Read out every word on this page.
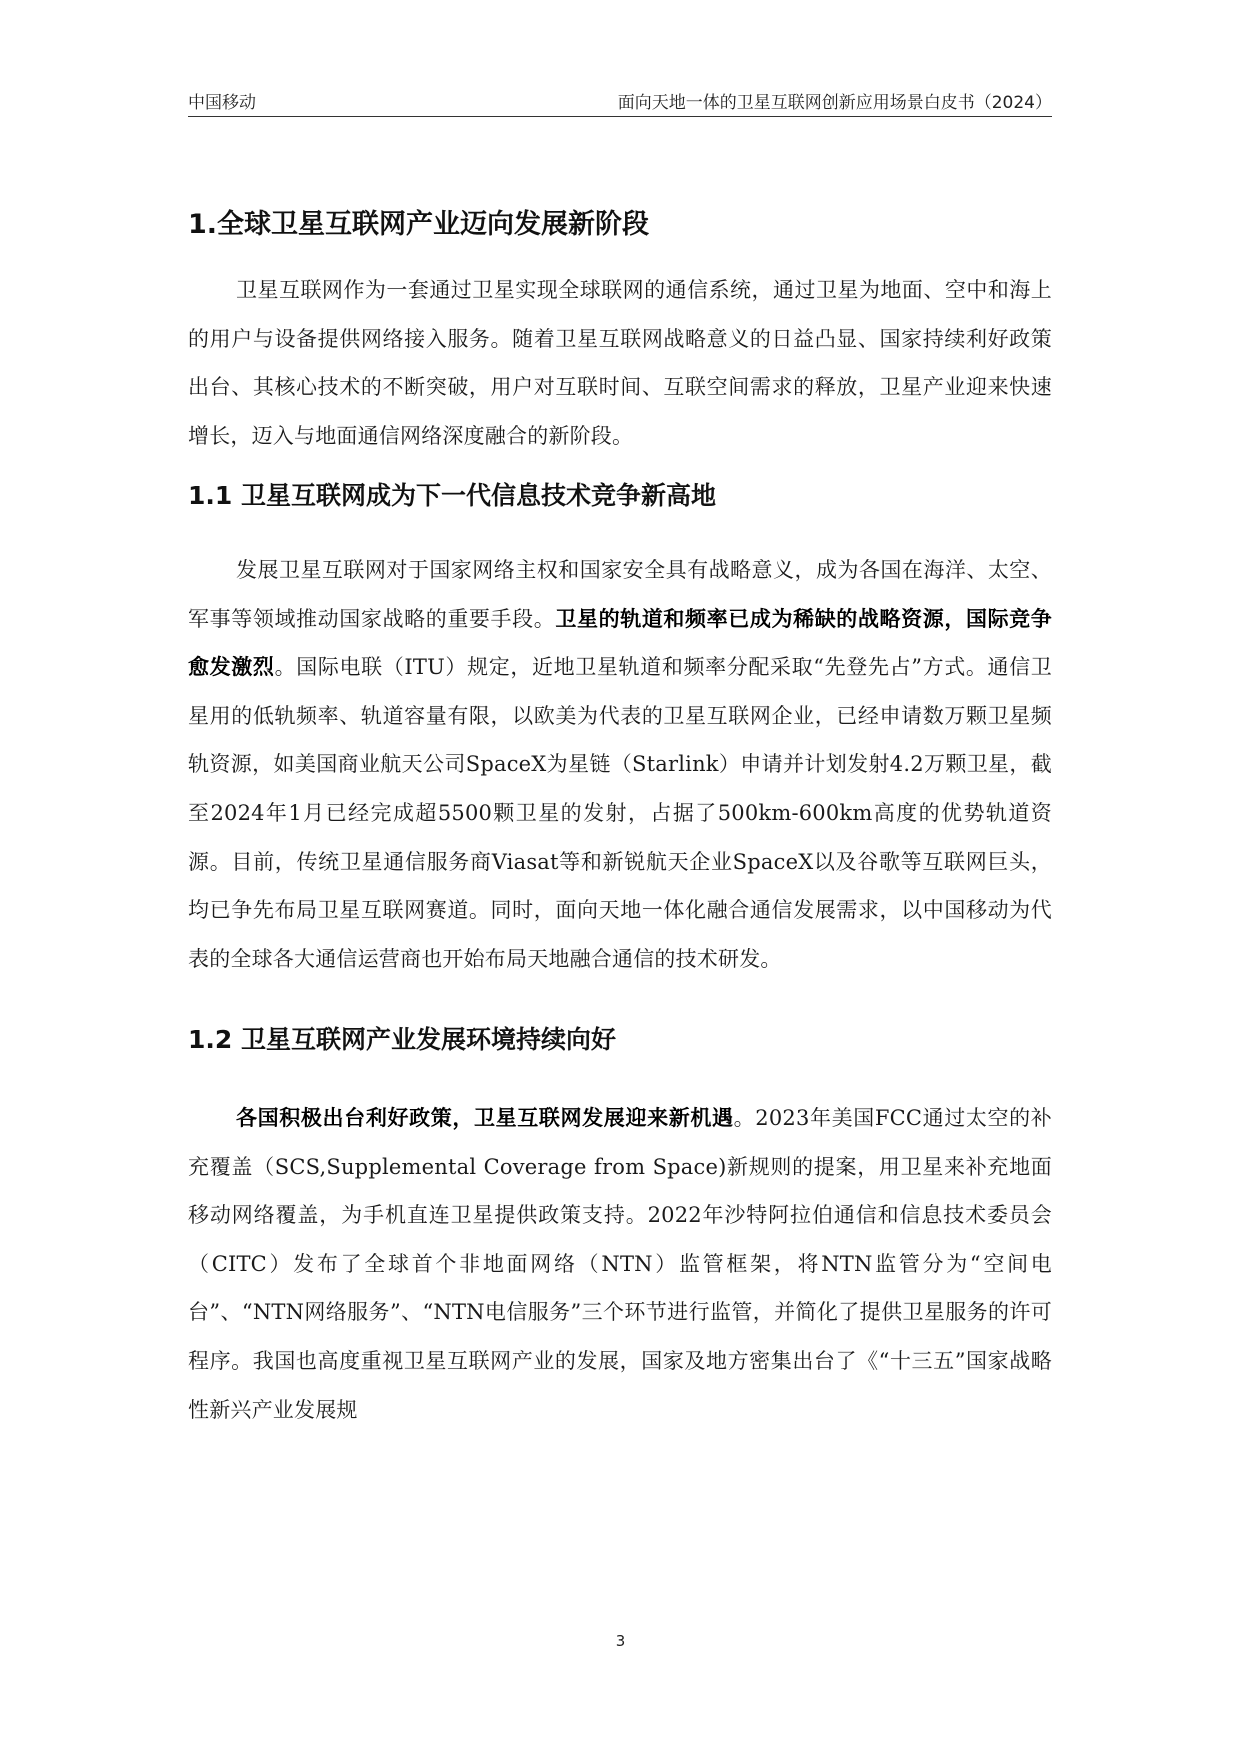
中国移动	面向天地一体的卫星互联网创新应用场景白皮书（2024）
1.全球卫星互联网产业迈向发展新阶段

卫星互联网作为一套通过卫星实现全球联网的通信系统，通过卫星为地面、空中和海上的用户与设备提供网络接入服务。随着卫星互联网战略意义的日益凸显、国家持续利好政策出台、其核心技术的不断突破，用户对互联时间、互联空间需求的释放，卫星产业迎来快速增长，迈入与地面通信网络深度融合的新阶段。

1.1 卫星互联网成为下一代信息技术竞争新高地

发展卫星互联网对于国家网络主权和国家安全具有战略意义，成为各国在海洋、太空、军事等领域推动国家战略的重要手段。卫星的轨道和频率已成为稀缺的战略资源，国际竞争愈发激烈。国际电联（ITU）规定，近地卫星轨道和频率分配采取“先登先占”方式。通信卫星用的低轨频率、轨道容量有限，以欧美为代表的卫星互联网企业，已经申请数万颗卫星频轨资源，如美国商业航天公司SpaceX为星链（Starlink）申请并计划发射4.2万颗卫星，截至2024年1月已经完成超5500颗卫星的发射，占据了500km-600km高度的优势轨道资源。目前，传统卫星通信服务商Viasat等和新锐航天企业SpaceX以及谷歌等互联网巨头，均已争先布局卫星互联网赛道。同时，面向天地一体化融合通信发展需求，以中国移动为代表的全球各大通信运营商也开始布局天地融合通信的技术研发。

1.2 卫星互联网产业发展环境持续向好

各国积极出台利好政策，卫星互联网发展迎来新机遇。2023年美国FCC通过太空的补充覆盖（SCS,Supplemental Coverage from Space)新规则的提案，用卫星来补充地面移动网络覆盖，为手机直连卫星提供政策支持。2022年沙特阿拉伯通信和信息技术委员会（CITC）发布了全球首个非地面网络（NTN）监管框架，将NTN监管分为“空间电台”、“NTN网络服务”、“NTN电信服务”三个环节进行监管，并简化了提供卫星服务的许可程序。我国也高度重视卫星互联网产业的发展，国家及地方密集出台了《“十三五”国家战略性新兴产业发展规

3
